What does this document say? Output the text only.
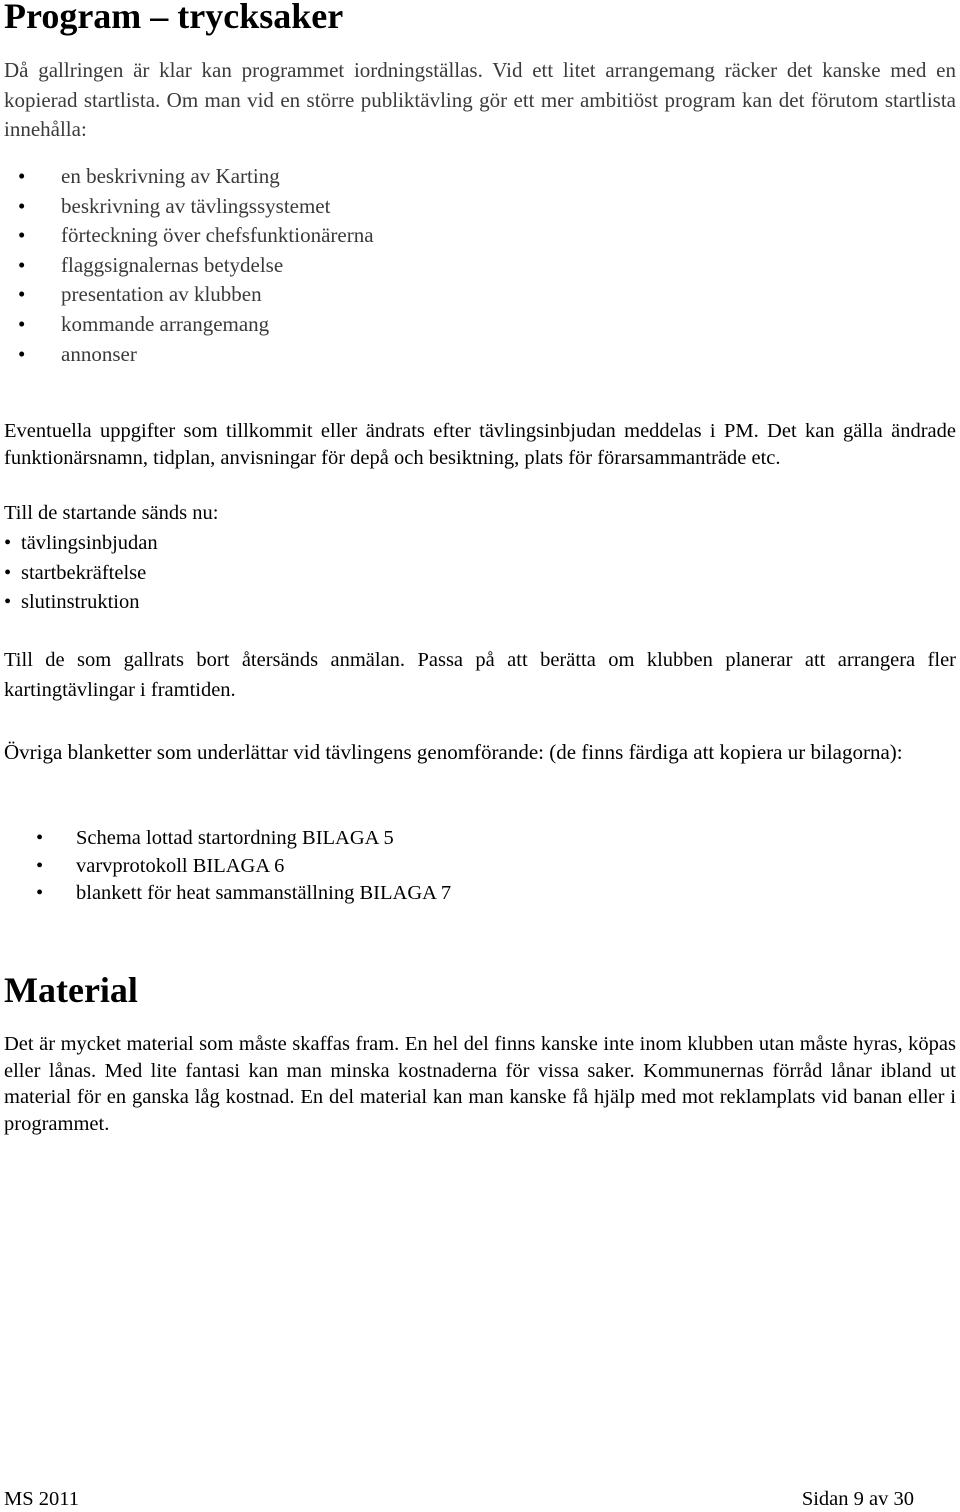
Program – trycksaker

Då gallringen är klar kan programmet iordningställas. Vid ett litet arrangemang räcker det kanske med en kopierad startlista. Om man vid en större publiktävling gör ett mer ambitiöst program kan det förutom startlista innehålla:

• en beskrivning av Karting
• beskrivning av tävlingssystemet
• förteckning över chefsfunktionärerna
• flaggsignalernas betydelse
• presentation av klubben
• kommande arrangemang
• annonser

Eventuella uppgifter som tillkommit eller ändrats efter tävlingsinbjudan meddelas i PM. Det kan gälla ändrade funktionärsnamn, tidplan, anvisningar för depå och besiktning, plats för förarsammanträde etc.

Till de startande sänds nu:

• tävlingsinbjudan
• startbekräftelse
• slutinstruktion

Till de som gallrats bort återsänds anmälan. Passa på att berätta om klubben planerar att arrangera fler kartingtävlingar i framtiden.

Övriga blanketter som underlättar vid tävlingens genomförande: (de finns färdiga att kopiera ur bilagorna):

• Schema lottad startordning BILAGA 5
• varvprotokoll BILAGA 6
• blankett för heat sammanställning BILAGA 7
Material

Det är mycket material som måste skaffas fram. En hel del finns kanske inte inom klubben utan måste hyras, köpas eller lånas. Med lite fantasi kan man minska kostnaderna för vissa saker. Kommunernas förråd lånar ibland ut material för en ganska låg kostnad. En del material kan man kanske få hjälp med mot reklamplats vid banan eller i programmet.

MS 2011	Sidan 9 av 30
